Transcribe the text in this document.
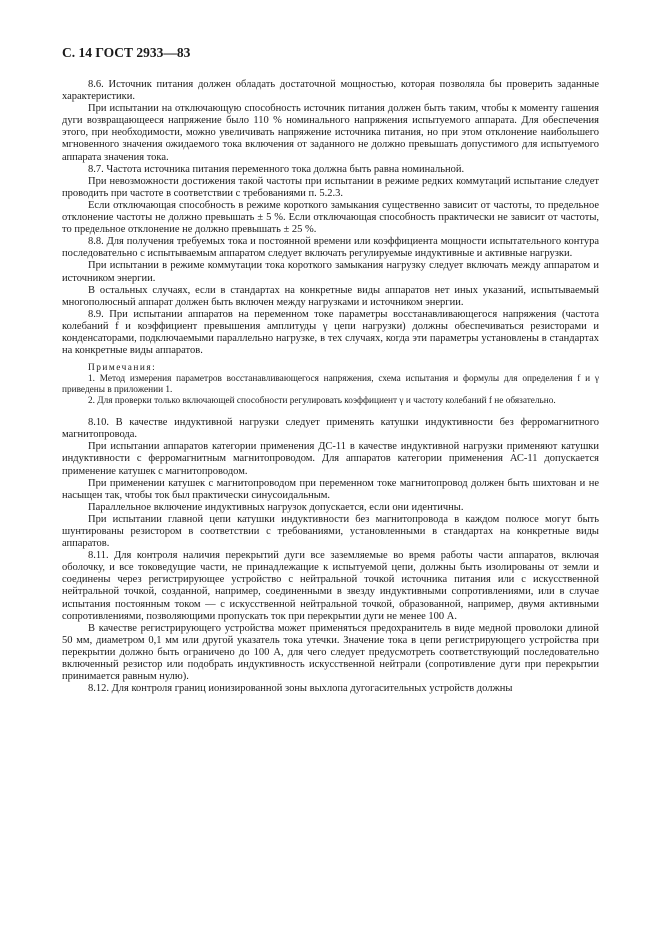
С. 14 ГОСТ 2933—83

8.6. Источник питания должен обладать достаточной мощностью, которая позволяла бы проверить заданные характеристики.

При испытании на отключающую способность источник питания должен быть таким, чтобы к моменту гашения дуги возвращающееся напряжение было 110 % номинального напряжения испытуемого аппарата. Для обеспечения этого, при необходимости, можно увеличивать напряжение источника питания, но при этом отклонение наибольшего мгновенного значения ожидаемого тока включения от заданного не должно превышать допустимого для испытуемого аппарата значения тока.

8.7. Частота источника питания переменного тока должна быть равна номинальной.

При невозможности достижения такой частоты при испытании в режиме редких коммутаций испытание следует проводить при частоте в соответствии с требованиями п. 5.2.3.

Если отключающая способность в режиме короткого замыкания существенно зависит от частоты, то предельное отклонение частоты не должно превышать ± 5 %. Если отключающая способность практически не зависит от частоты, то предельное отклонение не должно превышать ± 25 %.

8.8. Для получения требуемых тока и постоянной времени или коэффициента мощности испытательного контура последовательно с испытываемым аппаратом следует включать регулируемые индуктивные и активные нагрузки.

При испытании в режиме коммутации тока короткого замыкания нагрузку следует включать между аппаратом и источником энергии.

В остальных случаях, если в стандартах на конкретные виды аппаратов нет иных указаний, испытываемый многополюсный аппарат должен быть включен между нагрузками и источником энергии.

8.9. При испытании аппаратов на переменном токе параметры восстанавливающегося напряжения (частота колебаний f и коэффициент превышения амплитуды γ цепи нагрузки) должны обеспечиваться резисторами и конденсаторами, подключаемыми параллельно нагрузке, в тех случаях, когда эти параметры установлены в стандартах на конкретные виды аппаратов.

Примечания:

1. Метод измерения параметров восстанавливающегося напряжения, схема испытания и формулы для определения f и γ приведены в приложении 1.

2. Для проверки только включающей способности регулировать коэффициент γ и частоту колебаний f не обязательно.

8.10. В качестве индуктивной нагрузки следует применять катушки индуктивности без ферромагнитного магнитопровода.

При испытании аппаратов категории применения ДС-11 в качестве индуктивной нагрузки применяют катушки индуктивности с ферромагнитным магнитопроводом. Для аппаратов категории применения АС-11 допускается применение катушек с магнитопроводом.

При применении катушек с магнитопроводом при переменном токе магнитопровод должен быть шихтован и не насыщен так, чтобы ток был практически синусоидальным.

Параллельное включение индуктивных нагрузок допускается, если они идентичны.

При испытании главной цепи катушки индуктивности без магнитопровода в каждом полюсе могут быть шунтированы резистором в соответствии с требованиями, установленными в стандартах на конкретные виды аппаратов.

8.11. Для контроля наличия перекрытий дуги все заземляемые во время работы части аппаратов, включая оболочку, и все токоведущие части, не принадлежащие к испытуемой цепи, должны быть изолированы от земли и соединены через регистрирующее устройство с нейтральной точкой источника питания или с искусственной нейтральной точкой, созданной, например, соединенными в звезду индуктивными сопротивлениями, или в случае испытания постоянным током — с искусственной нейтральной точкой, образованной, например, двумя активными сопротивлениями, позволяющими пропускать ток при перекрытии дуги не менее 100 А.

В качестве регистрирующего устройства может применяться предохранитель в виде медной проволоки длиной 50 мм, диаметром 0,1 мм или другой указатель тока утечки. Значение тока в цепи регистрирующего устройства при перекрытии должно быть ограничено до 100 А, для чего следует предусмотреть соответствующий последовательно включенный резистор или подобрать индуктивность искусственной нейтрали (сопротивление дуги при перекрытии принимается равным нулю).

8.12. Для контроля границ ионизированной зоны выхлопа дугогасительных устройств должны
